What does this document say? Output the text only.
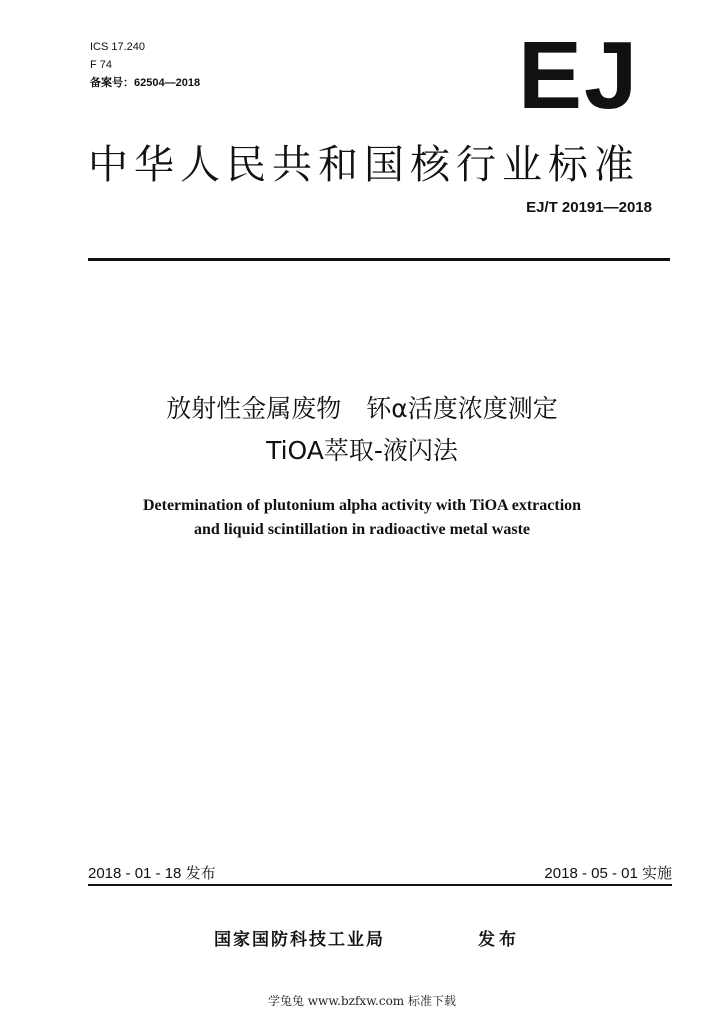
ICS 17.240
F 74
备案号：62504—2018	EJ
中华人民共和国核行业标准
EJ/T 20191—2018
放射性金属废物　钚α活度浓度测定
TiOA萃取-液闪法
Determination of plutonium alpha activity with TiOA extraction
and liquid scintillation in radioactive metal waste
2018 - 01 - 18 发布	2018 - 05 - 01 实施
国家国防科技工业局	发布
学兔兔 www.bzfxw.com 标准下载
